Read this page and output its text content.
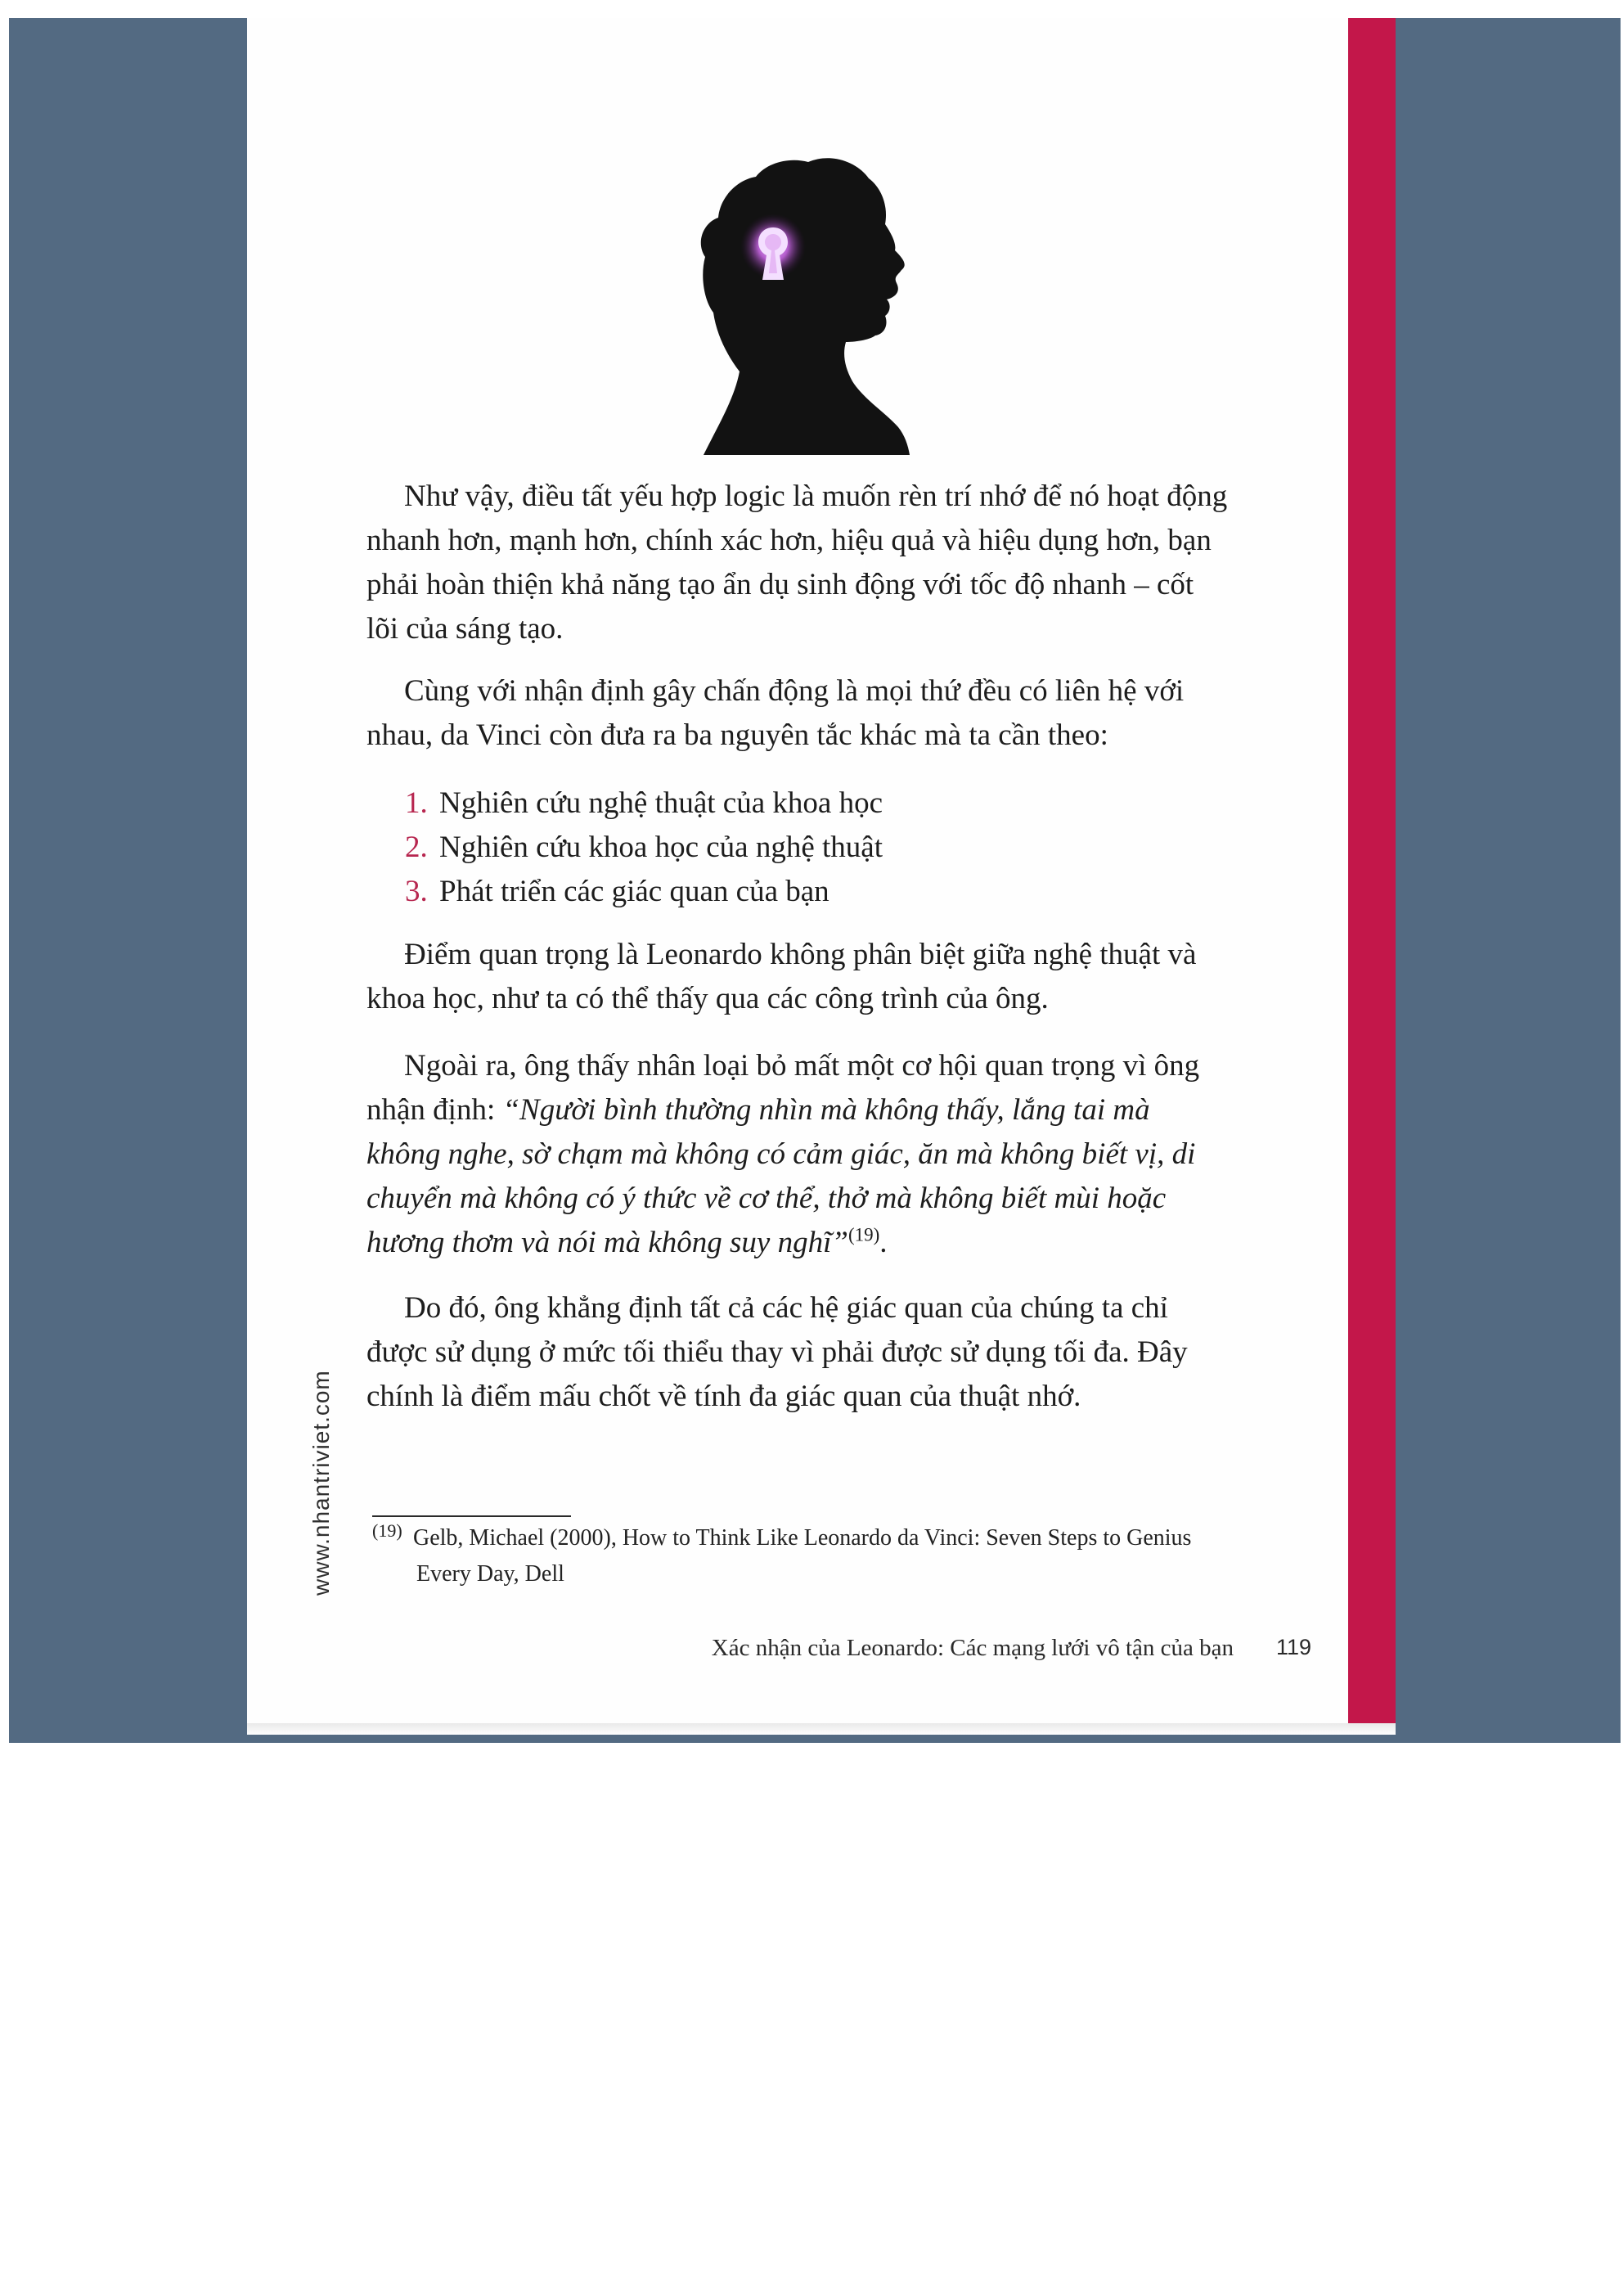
Như vậy, điều tất yếu hợp logic là muốn rèn trí nhớ để nó hoạt động nhanh hơn, mạnh hơn, chính xác hơn, hiệu quả và hiệu dụng hơn, bạn phải hoàn thiện khả năng tạo ẩn dụ sinh động với tốc độ nhanh – cốt lõi của sáng tạo.

Cùng với nhận định gây chấn động là mọi thứ đều có liên hệ với nhau, da Vinci còn đưa ra ba nguyên tắc khác mà ta cần theo:

1. Nghiên cứu nghệ thuật của khoa học
2. Nghiên cứu khoa học của nghệ thuật
3. Phát triển các giác quan của bạn

Điểm quan trọng là Leonardo không phân biệt giữa nghệ thuật và khoa học, như ta có thể thấy qua các công trình của ông.

Ngoài ra, ông thấy nhân loại bỏ mất một cơ hội quan trọng vì ông nhận định: “Người bình thường nhìn mà không thấy, lắng tai mà không nghe, sờ chạm mà không có cảm giác, ăn mà không biết vị, di chuyển mà không có ý thức về cơ thể, thở mà không biết mùi hoặc hương thơm và nói mà không suy nghĩ”$^{(19)}$.

Do đó, ông khẳng định tất cả các hệ giác quan của chúng ta chỉ được sử dụng ở mức tối thiểu thay vì phải được sử dụng tối đa. Đây chính là điểm mấu chốt về tính đa giác quan của thuật nhớ.

www.nhantriviet.com (19) Gelb, Michael (2000), How to Think Like Leonardo da Vinci: Seven Steps to Genius
Every Day, Dell
Xác nhận của Leonardo: Các mạng lưới vô tận của bạn 119
